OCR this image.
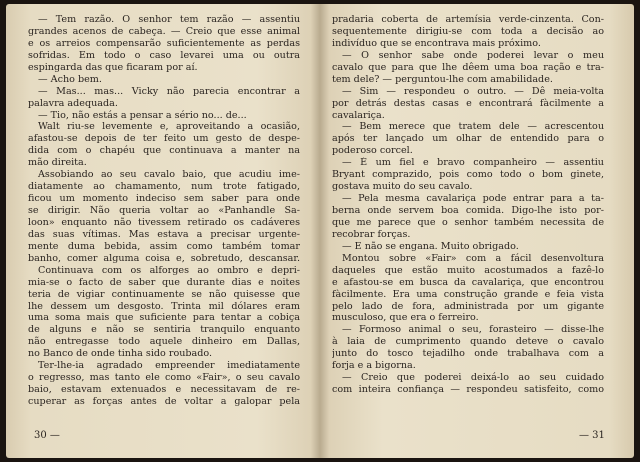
— Tem razão. O senhor tem razão — assentiu
grandes acenos de cabeça. — Creio que esse animal
e os arreios compensarão suficientemente as perdas
sofridas. Em todo o caso levarei uma ou outra
espingarda das que ficaram por aí.
— Acho bem.
— Mas... mas... Vicky não parecia encontrar a
palavra adequada.
— Tio, não estás a pensar a sério no... de...
Walt riu-se levemente e, aproveitando a ocasião,
afastou-se depois de ter feito um gesto de despe-
dida com o chapéu que continuava a manter na
mão direita.
Assobiando ao seu cavalo baio, que acudiu ime-
diatamente ao chamamento, num trote fatigado,
ficou um momento indeciso sem saber para onde
se dirigir. Não queria voltar ao «Panhandle Sa-
loon» enquanto não tivessem retirado os cadáveres
das suas vítimas. Mas estava a precisar urgente-
mente duma bebida, assim como também tomar
banho, comer alguma coisa e, sobretudo, descansar.
Continuava com os alforges ao ombro e depri-
mia-se o facto de saber que durante dias e noites
teria de vigiar continuamente se não quisesse que
lhe dessem um desgosto. Trinta mil dólares eram
uma soma mais que suficiente para tentar a cobiça
de alguns e não se sentiria tranquilo enquanto
não entregasse todo aquele dinheiro em Dallas,
no Banco de onde tinha sido roubado.
Ter-lhe-ia agradado empreender imediatamente
o regresso, mas tanto ele como «Fair», o seu cavalo
baio, estavam extenuados e necessitavam de re-
cuperar as forças antes de voltar a galopar pela
pradaria coberta de artemísia verde-cinzenta. Con-
sequentemente dirigiu-se com toda a decisão ao
indivíduo que se encontrava mais próximo.
— O senhor sabe onde poderei levar o meu
cavalo que para que lhe dêem uma boa ração e tra-
tem dele? — perguntou-lhe com amabilidade.
— Sim — respondeu o outro. — Dê meia-volta
por detrás destas casas e encontrará fàcilmente a
cavalariça.
— Bem merece que tratem dele — acrescentou
após ter lançado um olhar de entendido para o
poderoso corcel.
— É um fiel e bravo companheiro — assentiu
Bryant comprazido, pois como todo o bom ginete,
gostava muito do seu cavalo.
— Pela mesma cavalariça pode entrar para a ta-
berna onde servem boa comida. Digo-lhe isto por-
que me parece que o senhor também necessita de
recobrar forças.
— E não se engana. Muito obrigado.
Montou sobre «Fair» com a fácil desenvoltura
daqueles que estão muito acostumados a fazê-lo
e afastou-se em busca da cavalariça, que encontrou
fàcilmente. Era uma construção grande e feia vista
pelo lado de fora, administrada por um gigante
musculoso, que era o ferreiro.
— Formoso animal o seu, forasteiro — disse-lhe
à laia de cumprimento quando deteve o cavalo
junto do tosco tejadilho onde trabalhava com a
forja e a bigorna.
— Creio que poderei deixá-lo ao seu cuidado
com inteira confiança — respondeu satisfeito, como
30 —	— 31
